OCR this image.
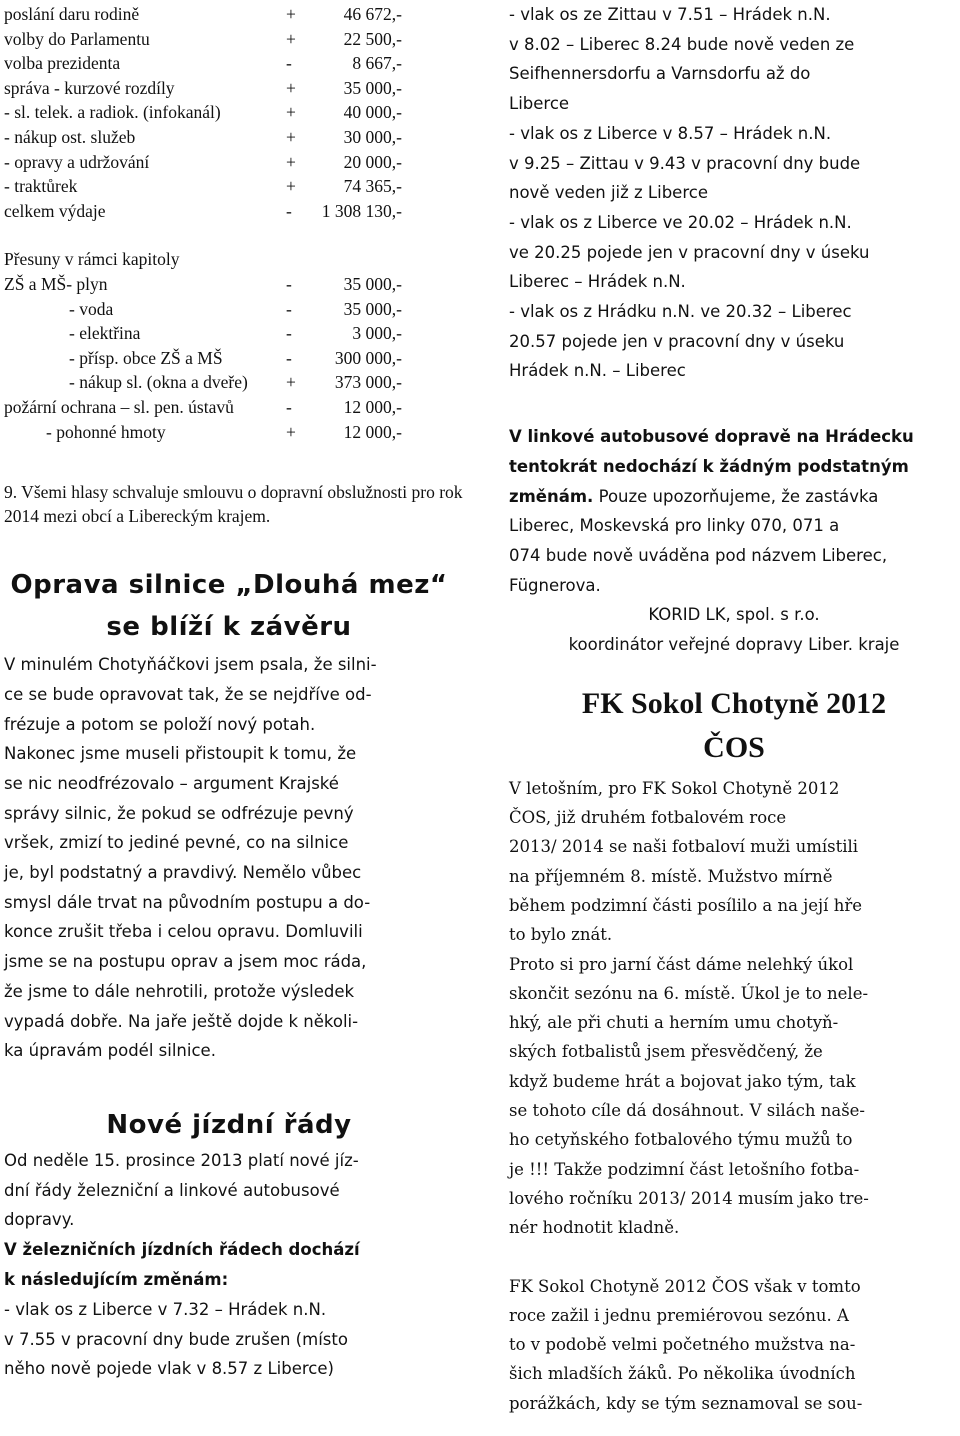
poslání daru rodině	+	46 672,-
volby do Parlamentu	+	22 500,-
volba prezidenta	-	8 667,-
správa - kurzové rozdíly	+	35 000,-
- sl. telek. a radiok. (infokanál)	+	40 000,-
- nákup ost. služeb	+	30 000,-
- opravy a udržování	+	20 000,-
- traktůrek	+	74 365,-
celkem výdaje	- 1 308 130,-
Přesuny v rámci kapitoly
ZŠ a MŠ- plyn	-	35 000,-
- voda	-	35 000,-
- elektřina	-	3 000,-
- přísp. obce ZŠ a MŠ	- 300 000,-
- nákup sl. (okna a dveře) + 373 000,-
požární ochrana – sl. pen. ústavů	-	12 000,-
- pohonné hmoty	+	12 000,-

9. Všemi hlasy schvaluje smlouvu o dopravní obslužnosti pro rok 2014 mezi obcí a Libereckým krajem.

Oprava silnice „Dlouhá mez“
se blíží k závěru
V minulém Chotyňáčkovi jsem psala, že silni-
ce se bude opravovat tak, že se nejdříve od-
frézuje a potom se položí nový potah.
Nakonec jsme museli přistoupit k tomu, že
se nic neodfrézovalo – argument Krajské
správy silnic, že pokud se odfrézuje pevný
vršek, zmizí to jediné pevné, co na silnice
je, byl podstatný a pravdivý. Nemělo vůbec
smysl dále trvat na původním postupu a do-
konce zrušit třeba i celou opravu. Domluvili
jsme se na postupu oprav a jsem moc ráda,
že jsme to dále nehrotili, protože výsledek
vypadá dobře. Na jaře ještě dojde k několi-
ka úpravám podél silnice.
Nové jízdní řády
Od neděle 15. prosince 2013 platí nové jíz-
dní řády železniční a linkové autobusové
dopravy.
V železničních jízdních řádech dochází
k následujícím změnám:
- vlak os z Liberce v 7.32 – Hrádek n.N.
v 7.55 v pracovní dny bude zrušen (místo
něho nově pojede vlak v 8.57 z Liberce)
- vlak os ze Zittau v 7.51 – Hrádek n.N.
v 8.02 – Liberec 8.24 bude nově veden ze
Seifhennersdorfu a Varnsdorfu až do
Liberce
- vlak os z Liberce v 8.57 – Hrádek n.N.
v 9.25 – Zittau v 9.43 v pracovní dny bude
nově veden již z Liberce
- vlak os z Liberce ve 20.02 – Hrádek n.N.
ve 20.25 pojede jen v pracovní dny v úseku
Liberec – Hrádek n.N.
- vlak os z Hrádku n.N. ve 20.32 – Liberec
20.57 pojede jen v pracovní dny v úseku
Hrádek n.N. – Liberec
V linkové autobusové dopravě na Hrádecku
tentokrát nedochází k žádným podstatným
změnám. Pouze upozorňujeme, že zastávka
Liberec, Moskevská pro linky 070, 071 a
074 bude nově uváděna pod názvem Liberec,
Fügnerova.
KORID LK, spol. s r.o.
koordinátor veřejné dopravy Liber. kraje
FK Sokol Chotyně 2012
ČOS
V letošním, pro FK Sokol Chotyně 2012
ČOS, již druhém fotbalovém roce
2013/ 2014 se naši fotbaloví muži umístili
na příjemném 8. místě. Mužstvo mírně
během podzimní části posílilo a na její hře
to bylo znát.
Proto si pro jarní část dáme nelehký úkol
skončit sezónu na 6. místě. Úkol je to nele-
hký, ale při chuti a herním umu chotyň-
ských fotbalistů jsem přesvědčený, že
když budeme hrát a bojovat jako tým, tak
se tohoto cíle dá dosáhnout. V silách naše-
ho cetyňského fotbalového týmu mužů to
je !!! Takže podzimní část letošního fotba-
lového ročníku 2013/ 2014 musím jako tre-
nér hodnotit kladně.
FK Sokol Chotyně 2012 ČOS však v tomto
roce zažil i jednu premiérovou sezónu. A
to v podobě velmi početného mužstva na-
šich mladších žáků. Po několika úvodních
porážkách, kdy se tým seznamoval se sou-
